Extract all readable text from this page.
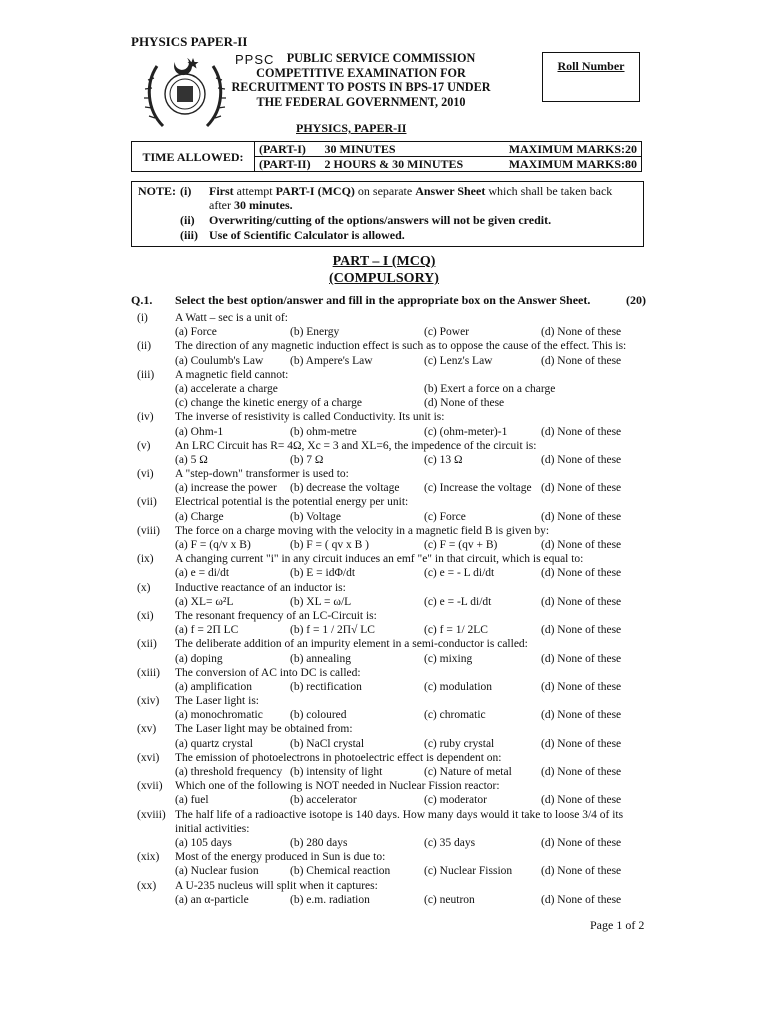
PHYSICS PAPER-II
PPSC	PUBLIC SERVICE COMMISSION
COMPETITIVE EXAMINATION FOR
RECRUITMENT TO POSTS IN BPS-17 UNDER
THE FEDERAL GOVERNMENT, 2010
Roll Number
PHYSICS, PAPER-II
TIME ALLOWED:	(PART-I) 30 MINUTES	MAXIMUM MARKS:20
	(PART-II) 2 HOURS & 30 MINUTES	MAXIMUM MARKS:80
NOTE: (i) First attempt PART-I (MCQ) on separate Answer Sheet which shall be taken back
after 30 minutes.
(ii) Overwriting/cutting of the options/answers will not be given credit.
(iii) Use of Scientific Calculator is allowed.
PART – I (MCQ)
(COMPULSORY)
Q.1. Select the best option/answer and fill in the appropriate box on the Answer Sheet.	(20)
(i) A Watt – sec is a unit of:
(a) Force	(b) Energy	(c) Power	(d) None of these
(ii) The direction of any magnetic induction effect is such as to oppose the cause of the effect. This is:
(a) Coulumb's Law (b) Ampere's Law	(c) Lenz's Law	(d) None of these
(iii) A magnetic field cannot:
(a) accelerate a charge	(b) Exert a force on a charge
(c) change the kinetic energy of a charge	(d) None of these
(iv) The inverse of resistivity is called Conductivity. Its unit is:
(a) Ohm-1	(b) ohm-metre	(c) (ohm-meter)-1	(d) None of these
(v) An LRC Circuit has R= 4Ω, Xc = 3 and XL=6, the impedence of the circuit is:
(a) 5 Ω	(b) 7 Ω	(c) 13 Ω	(d) None of these
(vi) A "step-down" transformer is used to:
(a) increase the power (b) decrease the voltage (c) Increase the voltage (d) None of these
(vii) Electrical potential is the potential energy per unit:
(a) Charge	(b) Voltage	(c) Force	(d) None of these
(viii) The force on a charge moving with the velocity in a magnetic field B is given by:
(a) F = (q/v x B)	(b) F = ( qv x B )	(c) F = (qv + B)	(d) None of these
(ix) A changing current "i" in any circuit induces an emf "e" in that circuit, which is equal to:
(a) e = di/dt	(b) E = idΦ/dt	(c) e = - L di/dt	(d) None of these
(x) Inductive reactance of an inductor is:
(a) XL= ω²L	(b) XL = ω/L	(c) e = -L di/dt	(d) None of these
(xi) The resonant frequency of an LC-Circuit is:
(a) f = 2Π LC	(b) f = 1 / 2Π√ LC	(c) f = 1/ 2LC	(d) None of these
(xii) The deliberate addition of an impurity element in a semi-conductor is called:
(a) doping	(b) annealing	(c) mixing	(d) None of these
(xiii) The conversion of AC into DC is called:
(a) amplification	(b) rectification	(c) modulation	(d) None of these
(xiv) The Laser light is:
(a) monochromatic (b) coloured	(c) chromatic	(d) None of these
(xv) The Laser light may be obtained from:
(a) quartz crystal	(b) NaCl crystal	(c) ruby crystal	(d) None of these
(xvi) The emission of photoelectrons in photoelectric effect is dependent on:
(a) threshold frequency (b) intensity of light	(c) Nature of metal	(d) None of these
(xvii) Which one of the following is NOT needed in Nuclear Fission reactor:
(a) fuel	(b) accelerator	(c) moderator	(d) None of these
(xviii) The half life of a radioactive isotope is 140 days. How many days would it take to loose 3/4 of its
initial activities:
(a) 105 days	(b) 280 days	(c) 35 days	(d) None of these
(xix) Most of the energy produced in Sun is due to:
(a) Nuclear fusion	(b) Chemical reaction	(c) Nuclear Fission	(d) None of these
(xx) A U-235 nucleus will split when it captures:
(a) an α-particle	(b) e.m. radiation	(c) neutron	(d) None of these
Page 1 of 2
